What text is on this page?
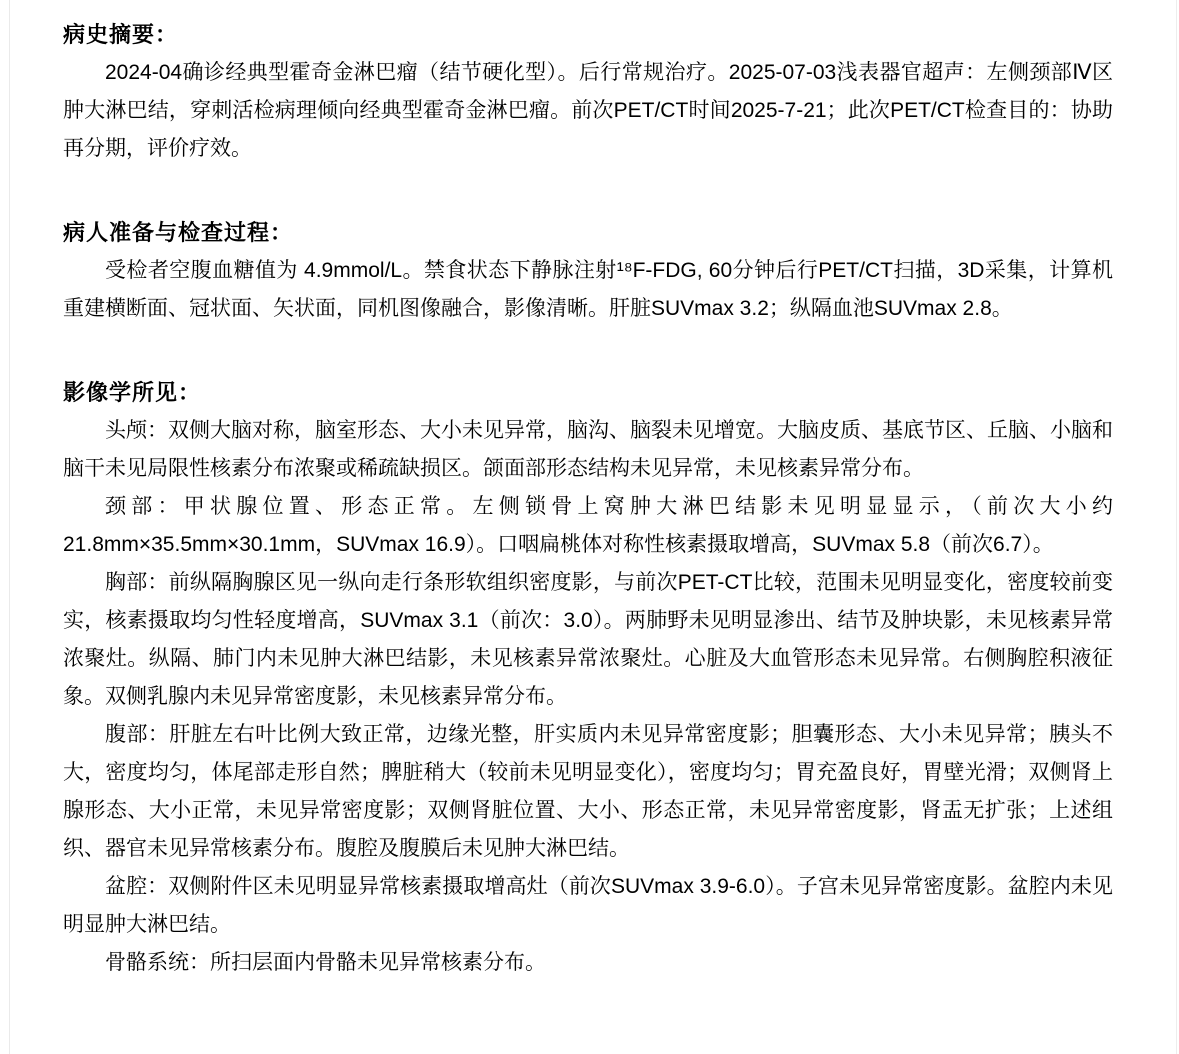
病史摘要：

2024-04确诊经典型霍奇金淋巴瘤（结节硬化型）。后行常规治疗。2025-07-03浅表器官超声：左侧颈部Ⅳ区 肿大淋巴结，穿刺活检病理倾向经典型霍奇金淋巴瘤。前次PET/CT时间2025-7-21；此次PET/CT检查目的：协助再分期，评价疗效。

病人准备与检查过程：

受检者空腹血糖值为 4.9mmol/L。禁食状态下静脉注射¹⁸F-FDG, 60分钟后行PET/CT扫描，3D采集，计算机重建横断面、冠状面、矢状面，同机图像融合，影像清晰。肝脏SUVmax 3.2；纵隔血池SUVmax 2.8。

影像学所见：

头颅：双侧大脑对称，脑室形态、大小未见异常，脑沟、脑裂未见增宽。大脑皮质、基底节区、丘脑、小脑和脑干未见局限性核素分布浓聚或稀疏缺损区。颌面部形态结构未见异常，未见核素异常分布。

颈部：甲状腺位置、形态正常。左侧锁骨上窝肿大淋巴结影未见明显显示，（前次大小约21.8mm×35.5mm×30.1mm，SUVmax 16.9）。口咽扁桃体对称性核素摄取增高，SUVmax 5.8（前次6.7）。

胸部：前纵隔胸腺区见一纵向走行条形软组织密度影，与前次PET-CT比较，范围未见明显变化，密度较前变实，核素摄取均匀性轻度增高，SUVmax 3.1（前次：3.0）。两肺野未见明显渗出、结节及肿块影，未见核素异常浓聚灶。纵隔、肺门内未见肿大淋巴结影，未见核素异常浓聚灶。心脏及大血管形态未见异常。右侧胸腔积液征象。双侧乳腺内未见异常密度影，未见核素异常分布。

腹部：肝脏左右叶比例大致正常，边缘光整，肝实质内未见异常密度影；胆囊形态、大小未见异常；胰头不大，密度均匀，体尾部走形自然；脾脏稍大（较前未见明显变化），密度均匀；胃充盈良好，胃壁光滑；双侧肾上腺形态、大小正常，未见异常密度影；双侧肾脏位置、大小、形态正常，未见异常密度影，肾盂无扩张；上述组织、器官未见异常核素分布。腹腔及腹膜后未见肿大淋巴结。

盆腔：双侧附件区未见明显异常核素摄取增高灶（前次SUVmax 3.9-6.0）。子宫未见异常密度影。盆腔内未见明显肿大淋巴结。

骨骼系统：所扫层面内骨骼未见异常核素分布。
